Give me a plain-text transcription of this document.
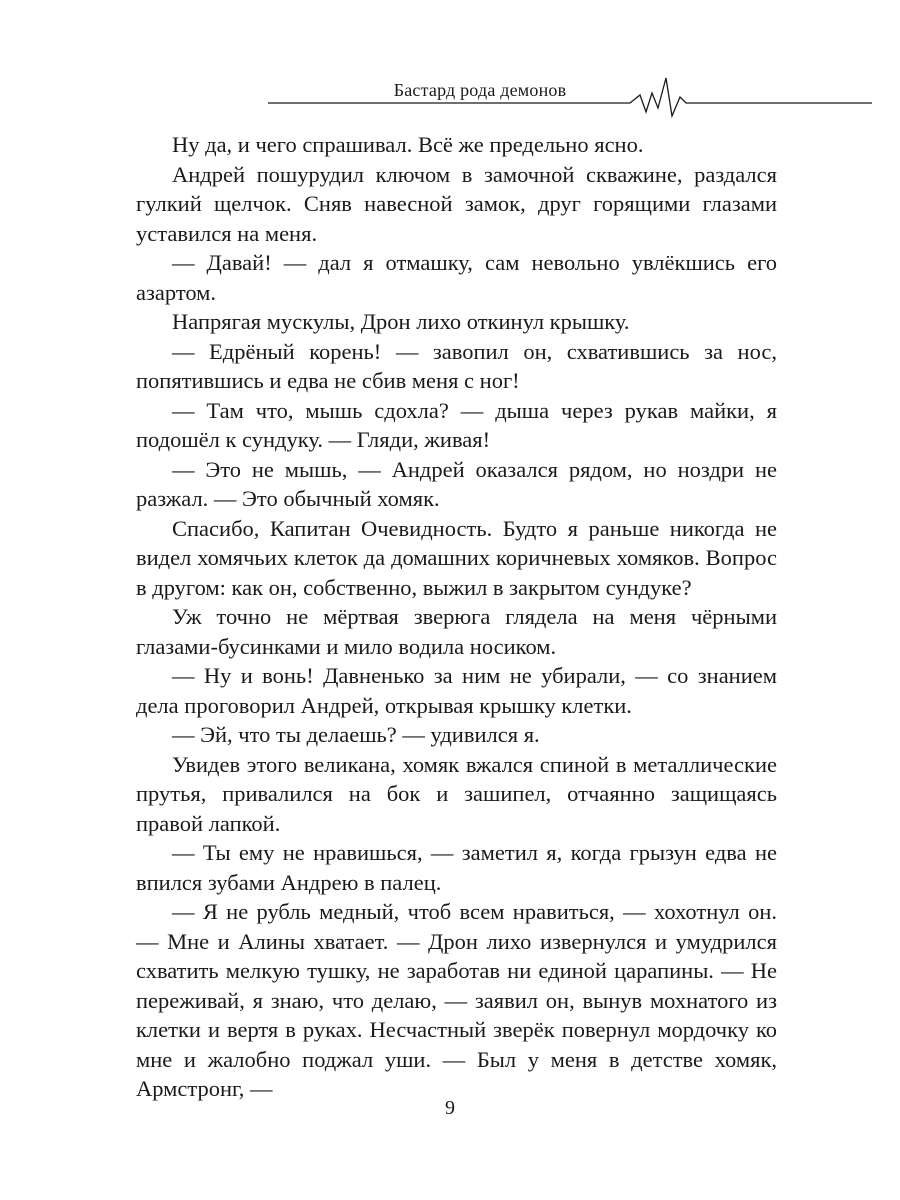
Бастард рода демонов

Ну да, и чего спрашивал. Всё же предельно ясно.

Андрей пошурудил ключом в замочной скважине, раздался гулкий щелчок. Сняв навесной замок, друг горящими глазами уставился на меня.

— Давай! — дал я отмашку, сам невольно увлёкшись его азартом.

Напрягая мускулы, Дрон лихо откинул крышку.

— Едрёный корень! — завопил он, схватившись за нос, попятившись и едва не сбив меня с ног!

— Там что, мышь сдохла? — дыша через рукав майки, я подошёл к сундуку. — Гляди, живая!

— Это не мышь, — Андрей оказался рядом, но ноздри не разжал. — Это обычный хомяк.

Спасибо, Капитан Очевидность. Будто я раньше никогда не видел хомячьих клеток да домашних коричневых хомяков. Вопрос в другом: как он, собственно, выжил в закрытом сундуке?

Уж точно не мёртвая зверюга глядела на меня чёрными глазами-бусинками и мило водила носиком.

— Ну и вонь! Давненько за ним не убирали, — со знанием дела проговорил Андрей, открывая крышку клетки.

— Эй, что ты делаешь? — удивился я.

Увидев этого великана, хомяк вжался спиной в металлические прутья, привалился на бок и зашипел, отчаянно защищаясь правой лапкой.

— Ты ему не нравишься, — заметил я, когда грызун едва не впился зубами Андрею в палец.

— Я не рубль медный, чтоб всем нравиться, — хохотнул он. — Мне и Алины хватает. — Дрон лихо извернулся и умудрился схватить мелкую тушку, не заработав ни единой царапины. — Не переживай, я знаю, что делаю, — заявил он, вынув мохнатого из клетки и вертя в руках. Несчастный зверёк повернул мордочку ко мне и жалобно поджал уши. — Был у меня в детстве хомяк, Армстронг, —

9
